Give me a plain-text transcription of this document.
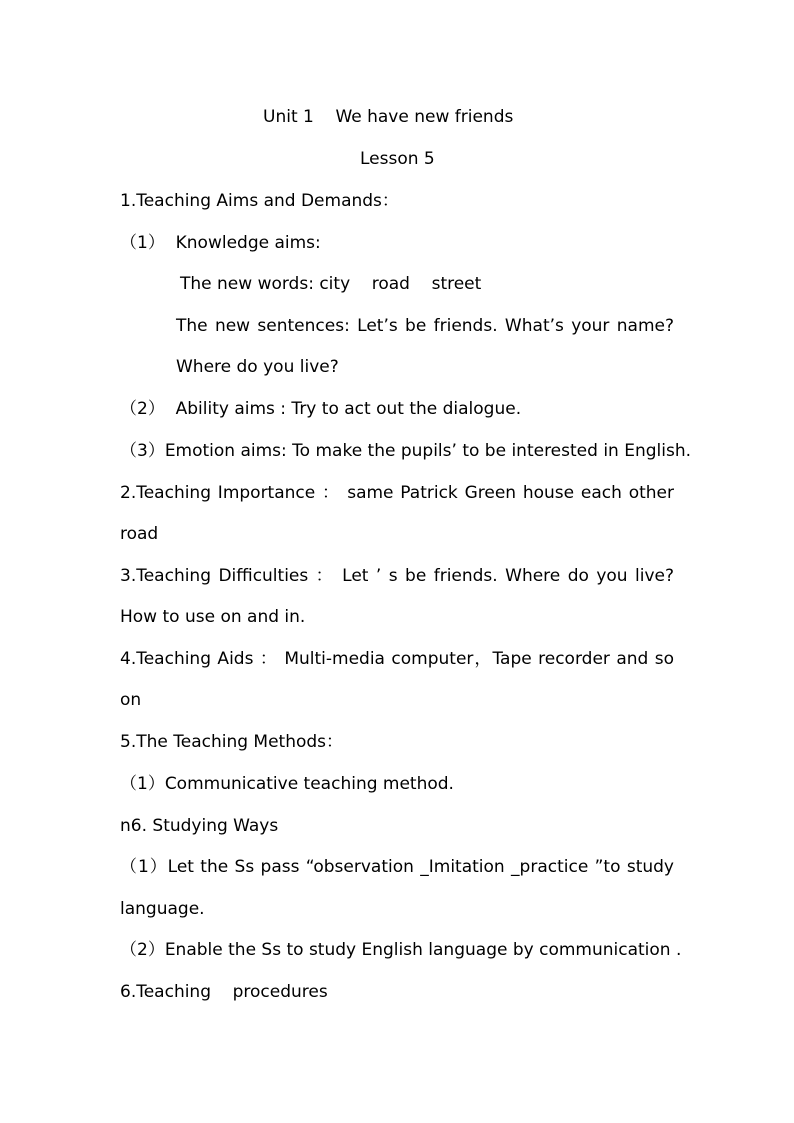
Unit 1    We have new friends
Lesson 5
1.Teaching Aims and Demands：
（1）  Knowledge aims:
The new words: city    road    street
The new sentences: Let’s be friends. What’s your name?
Where do you live?
（2）  Ability aims : Try to act out the dialogue.
（3）Emotion aims: To make the pupils’ to be interested in English.
2.Teaching Importance ： same Patrick Green house each other
road
3.Teaching Difficulties ： Let ’ s be friends. Where do you live?
How to use on and in.
4.Teaching Aids ： Multi-media computer，Tape recorder and so
on
5.The Teaching Methods：
（1）Communicative teaching method.
n6. Studying Ways
（1）Let the Ss pass “observation _Imitation _practice ”to study
language.
（2）Enable the Ss to study English language by communication .
6.Teaching    procedures
